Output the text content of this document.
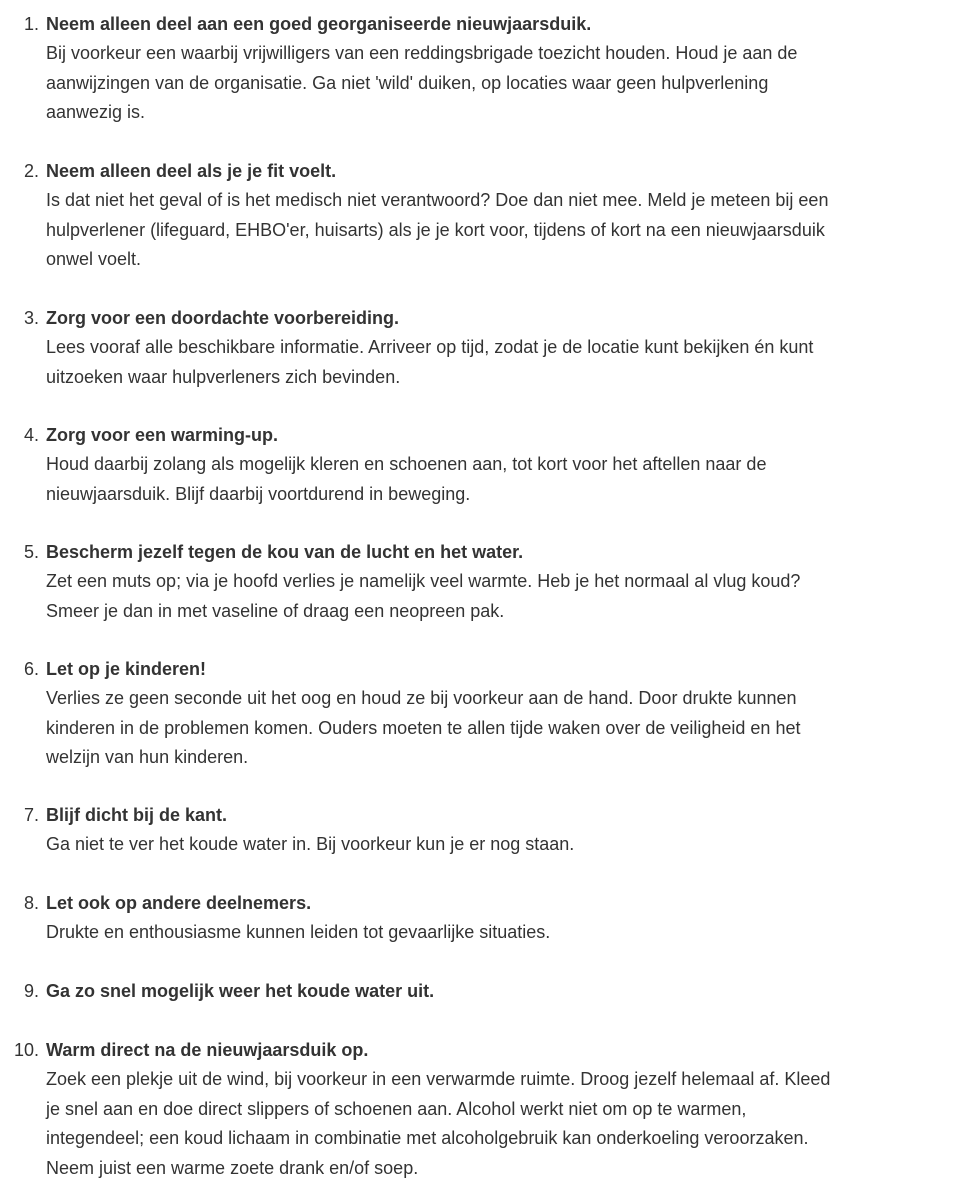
1. Neem alleen deel aan een goed georganiseerde nieuwjaarsduik.
Bij voorkeur een waarbij vrijwilligers van een reddingsbrigade toezicht houden. Houd je aan de
aanwijzingen van de organisatie. Ga niet 'wild' duiken, op locaties waar geen hulpverlening
aanwezig is.
2. Neem alleen deel als je je fit voelt.
Is dat niet het geval of is het medisch niet verantwoord? Doe dan niet mee. Meld je meteen bij een
hulpverlener (lifeguard, EHBO'er, huisarts) als je je kort voor, tijdens of kort na een nieuwjaarsduik
onwel voelt.
3. Zorg voor een doordachte voorbereiding.
Lees vooraf alle beschikbare informatie. Arriveer op tijd, zodat je de locatie kunt bekijken én kunt
uitzoeken waar hulpverleners zich bevinden.
4. Zorg voor een warming-up.
Houd daarbij zolang als mogelijk kleren en schoenen aan, tot kort voor het aftellen naar de
nieuwjaarsduik. Blijf daarbij voortdurend in beweging.
5. Bescherm jezelf tegen de kou van de lucht en het water.
Zet een muts op; via je hoofd verlies je namelijk veel warmte. Heb je het normaal al vlug koud?
Smeer je dan in met vaseline of draag een neopreen pak.
6. Let op je kinderen!
Verlies ze geen seconde uit het oog en houd ze bij voorkeur aan de hand. Door drukte kunnen
kinderen in de problemen komen. Ouders moeten te allen tijde waken over de veiligheid en het
welzijn van hun kinderen.
7. Blijf dicht bij de kant.
Ga niet te ver het koude water in. Bij voorkeur kun je er nog staan.
8. Let ook op andere deelnemers.
Drukte en enthousiasme kunnen leiden tot gevaarlijke situaties.
9. Ga zo snel mogelijk weer het koude water uit.
10. Warm direct na de nieuwjaarsduik op.
Zoek een plekje uit de wind, bij voorkeur in een verwarmde ruimte. Droog jezelf helemaal af. Kleed
je snel aan en doe direct slippers of schoenen aan. Alcohol werkt niet om op te warmen,
integendeel; een koud lichaam in combinatie met alcoholgebruik kan onderkoeling veroorzaken.
Neem juist een warme zoete drank en/of soep.
